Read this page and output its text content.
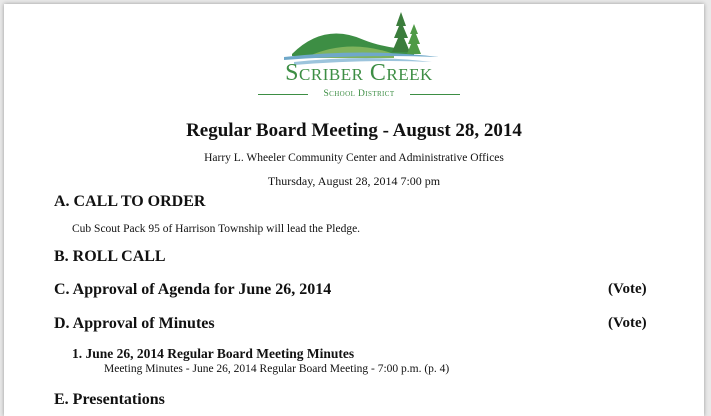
Scriber Creek
School District
Regular Board Meeting - August 28, 2014
Harry L. Wheeler Community Center and Administrative Offices
Thursday, August 28, 2014 7:00 pm
A. CALL TO ORDER
Cub Scout Pack 95 of Harrison Township will lead the Pledge.
B. ROLL CALL
C. Approval of Agenda for June 26, 2014	(Vote)
D. Approval of Minutes	(Vote)
1. June 26, 2014 Regular Board Meeting Minutes
Meeting Minutes - June 26, 2014 Regular Board Meeting - 7:00 p.m. (p. 4)
E. Presentations
